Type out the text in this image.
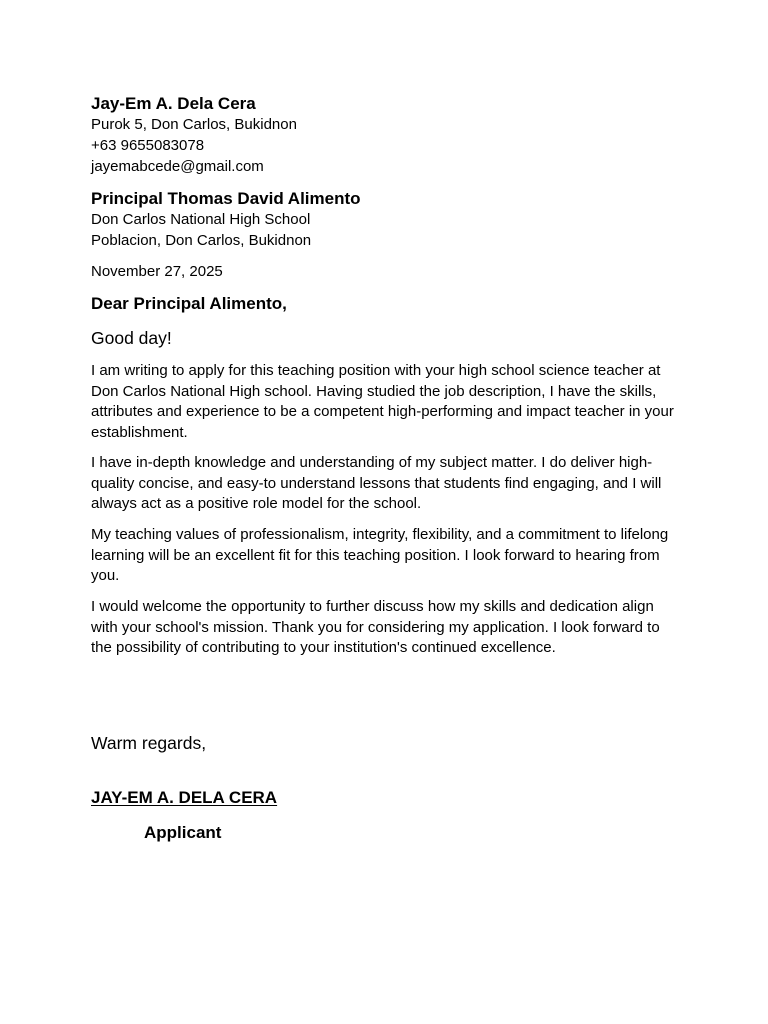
Jay-Em A. Dela Cera
Purok 5, Don Carlos, Bukidnon
+63 9655083078
jayemabcede@gmail.com
Principal Thomas David Alimento
Don Carlos National High School
Poblacion, Don Carlos, Bukidnon
November 27, 2025
Dear Principal Alimento,
Good day!

I am writing to apply for this teaching position with your high school science teacher at Don Carlos National High school. Having studied the job description, I have the skills, attributes and experience to be a competent high-performing and impact teacher in your establishment.

I have in-depth knowledge and understanding of my subject matter. I do deliver high-quality concise, and easy-to understand lessons that students find engaging, and I will always act as a positive role model for the school.

My teaching values of professionalism, integrity, flexibility, and a commitment to lifelong learning will be an excellent fit for this teaching position. I look forward to hearing from you.

I would welcome the opportunity to further discuss how my skills and dedication align with your school's mission. Thank you for considering my application. I look forward to the possibility of contributing to your institution's continued excellence.

Warm regards,
JAY-EM A. DELA CERA
Applicant
